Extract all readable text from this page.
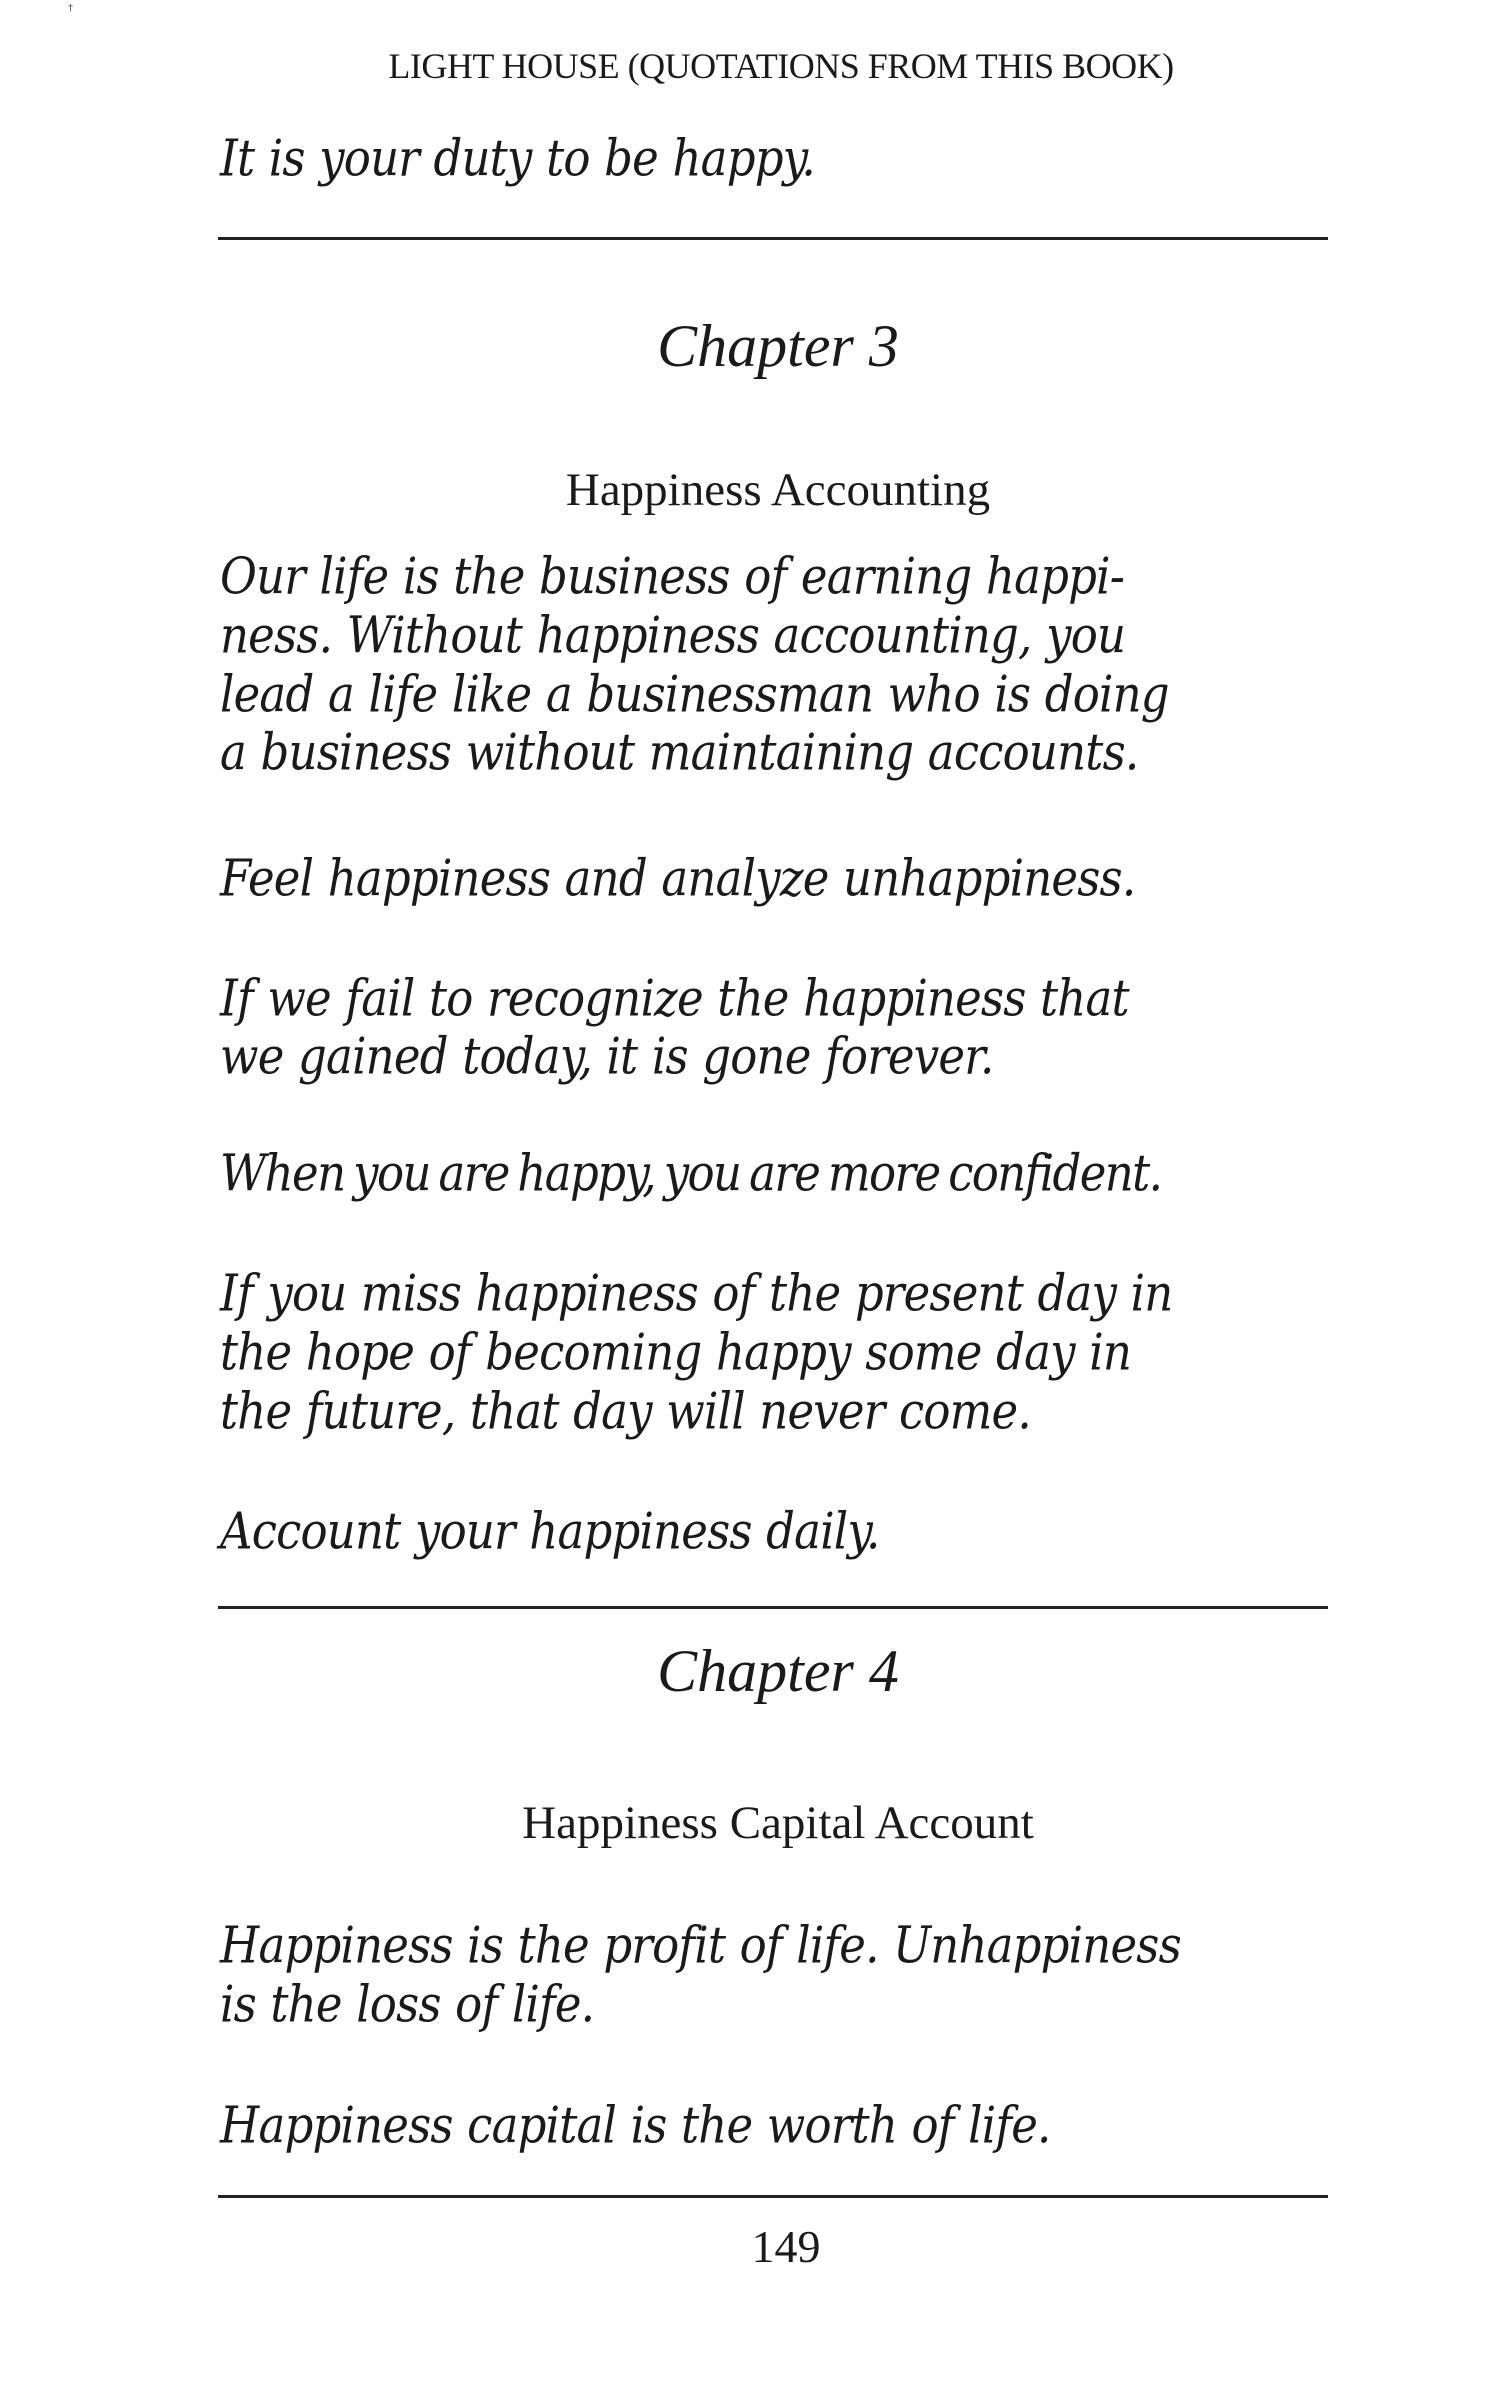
†
LIGHT HOUSE (QUOTATIONS FROM THIS BOOK)
It is your duty to be happy.
Chapter 3
Happiness Accounting
Our life is the business of earning happi-
ness. Without happiness accounting, you
lead a life like a businessman who is doing
a business without maintaining accounts.
Feel happiness and analyze unhappiness.
If we fail to recognize the happiness that
we gained today, it is gone forever.
When you are happy, you are more confident.
If you miss happiness of the present day in
the hope of becoming happy some day in
the future, that day will never come.
Account your happiness daily.
Chapter 4
Happiness Capital Account
Happiness is the profit of life. Unhappiness
is the loss of life.
Happiness capital is the worth of life.
149
